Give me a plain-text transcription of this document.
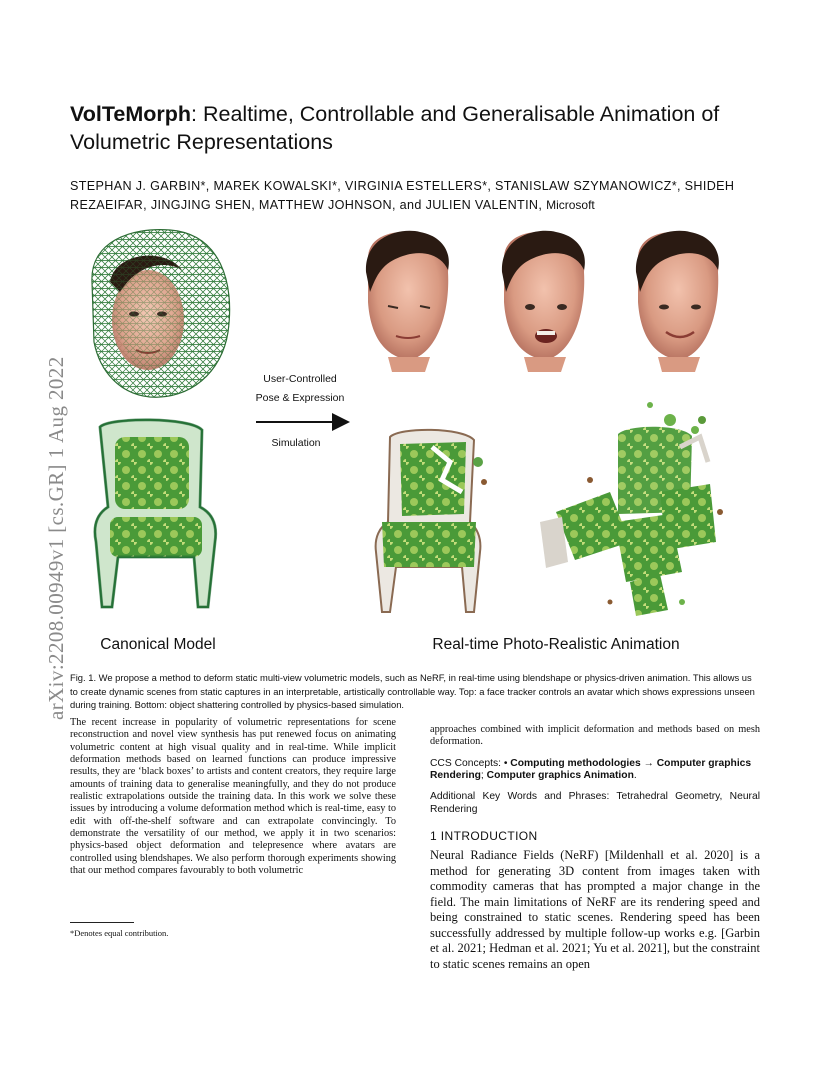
arXiv:2208.00949v1 [cs.GR] 1 Aug 2022
VolTeMorph: Realtime, Controllable and Generalisable Animation of Volumetric Representations
STEPHAN J. GARBIN*, MAREK KOWALSKI*, VIRGINIA ESTELLERS*, STANISLAW SZYMANOWICZ*, SHIDEH REZAEIFAR, JINGJING SHEN, MATTHEW JOHNSON, and JULIEN VALENTIN, Microsoft
User-Controlled
Pose & Expression
Simulation
Canonical Model	Real-time Photo-Realistic Animation
Fig. 1. We propose a method to deform static multi-view volumetric models, such as NeRF, in real-time using blendshape or physics-driven animation. This allows us to create dynamic scenes from static captures in an interpretable, artistically controllable way. Top: a face tracker controls an avatar which shows expressions unseen during training. Bottom: object shattering controlled by physics-based simulation.
The recent increase in popularity of volumetric representations for scene reconstruction and novel view synthesis has put renewed focus on animating volumetric content at high visual quality and in real-time. While implicit deformation methods based on learned functions can produce impressive results, they are ‘black boxes’ to artists and content creators, they require large amounts of training data to generalise meaningfully, and they do not produce realistic extrapolations outside the training data. In this work we solve these issues by introducing a volume deformation method which is real-time, easy to edit with off-the-shelf software and can extrapolate convincingly. To demonstrate the versatility of our method, we apply it in two scenarios: physics-based object deformation and telepresence where avatars are controlled using blendshapes. We also perform thorough experiments showing that our method compares favourably to both volumetric

approaches combined with implicit deformation and methods based on mesh deformation.

CCS Concepts: • Computing methodologies → Computer graphics
Rendering; Computer graphics Animation.

Additional Key Words and Phrases: Tetrahedral Geometry, Neural Rendering

1 INTRODUCTION
Neural Radiance Fields (NeRF) [Mildenhall et al. 2020] is a method for generating 3D content from images taken with commodity cameras that has prompted a major change in the field. The main limitations of NeRF are its rendering speed and being constrained to static scenes. Rendering speed has been successfully addressed by multiple follow-up works e.g. [Garbin et al. 2021; Hedman et al. 2021; Yu et al. 2021], but the constraint to static scenes remains an open
*Denotes equal contribution.
